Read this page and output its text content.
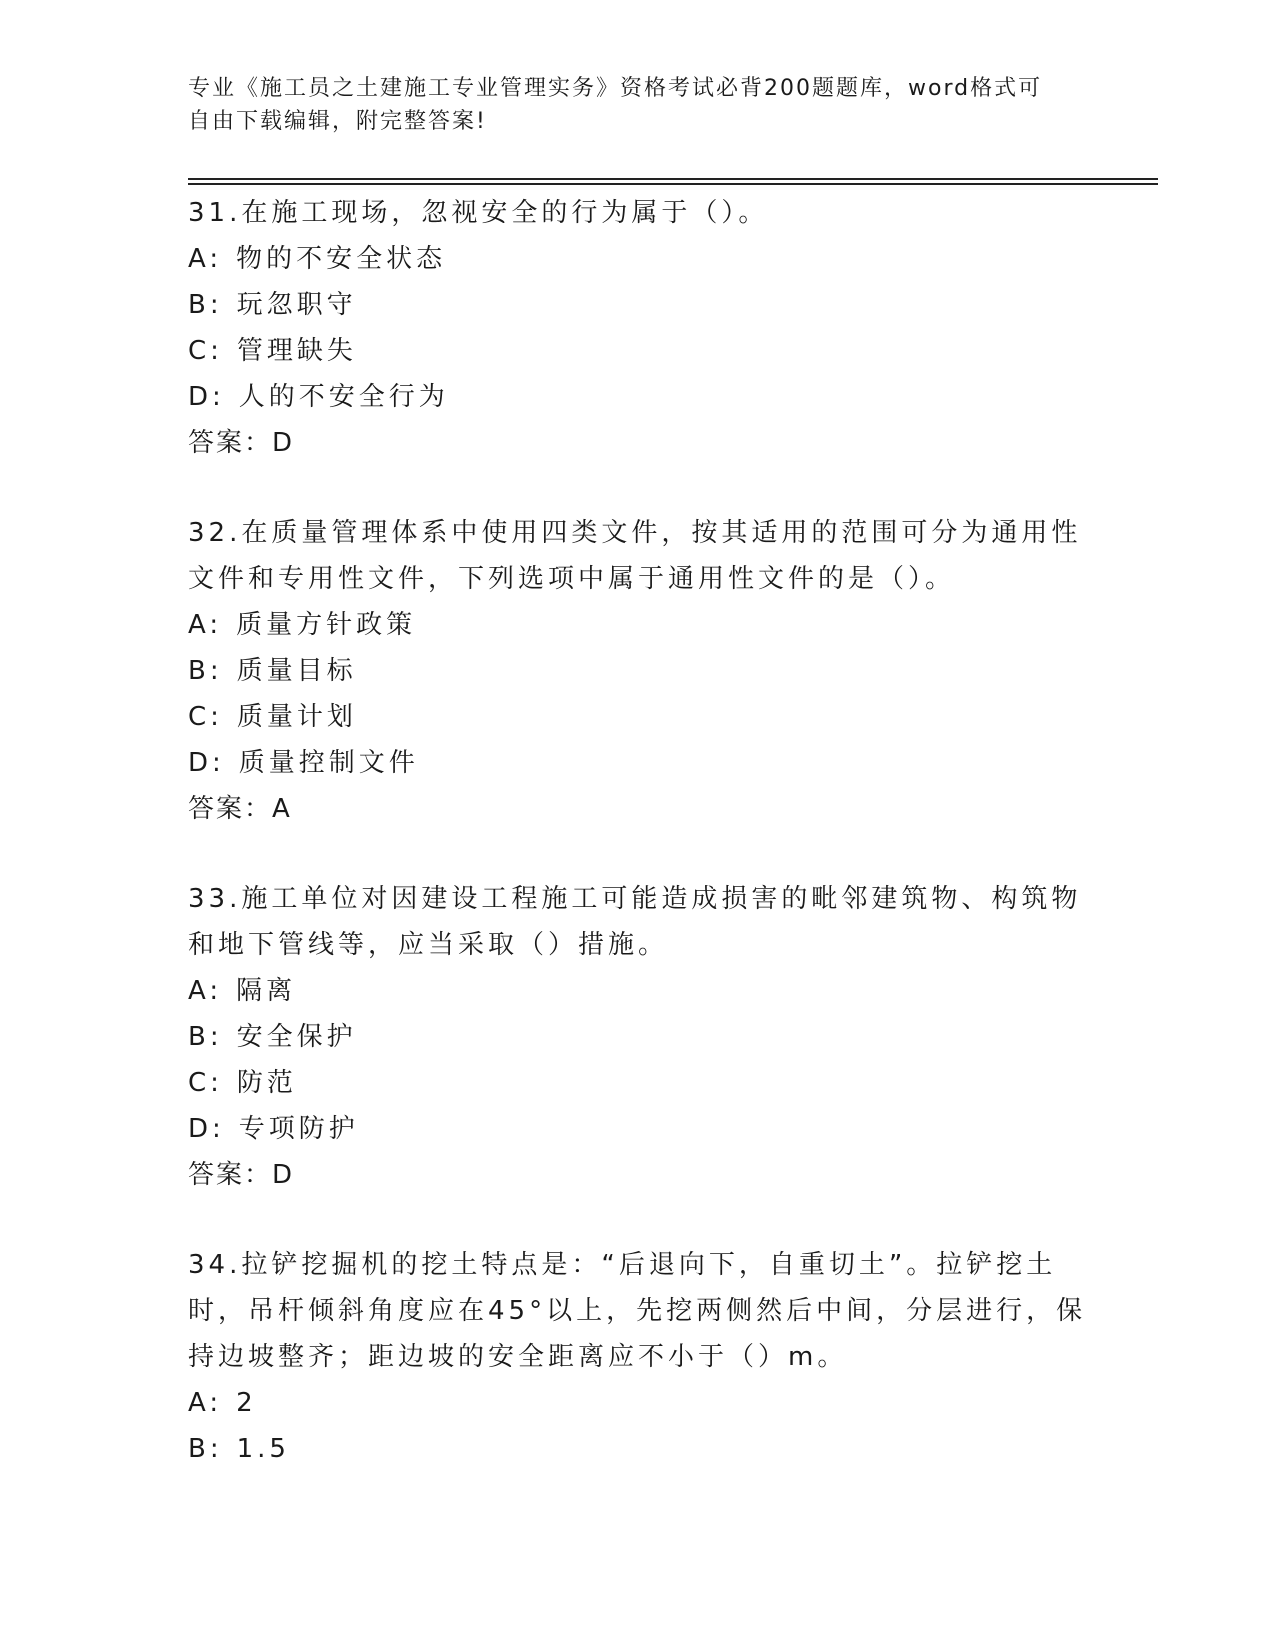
专业《施工员之土建施工专业管理实务》资格考试必背200题题库，word格式可
自由下载编辑，附完整答案!

31.在施工现场，忽视安全的行为属于（）。

A: 物的不安全状态

B: 玩忽职守

C: 管理缺失

D: 人的不安全行为

答案：D

32.在质量管理体系中使用四类文件，按其适用的范围可分为通用性文件和专用性文件，下列选项中属于通用性文件的是（）。

A: 质量方针政策

B: 质量目标

C: 质量计划

D: 质量控制文件

答案：A

33.施工单位对因建设工程施工可能造成损害的毗邻建筑物、构筑物和地下管线等，应当采取（）措施。

A: 隔离

B: 安全保护

C: 防范

D: 专项防护

答案：D

34.拉铲挖掘机的挖土特点是：“后退向下，自重切土”。拉铲挖土时，吊杆倾斜角度应在45°以上，先挖两侧然后中间，分层进行，保持边坡整齐；距边坡的安全距离应不小于（）m。

A: 2

B: 1.5
